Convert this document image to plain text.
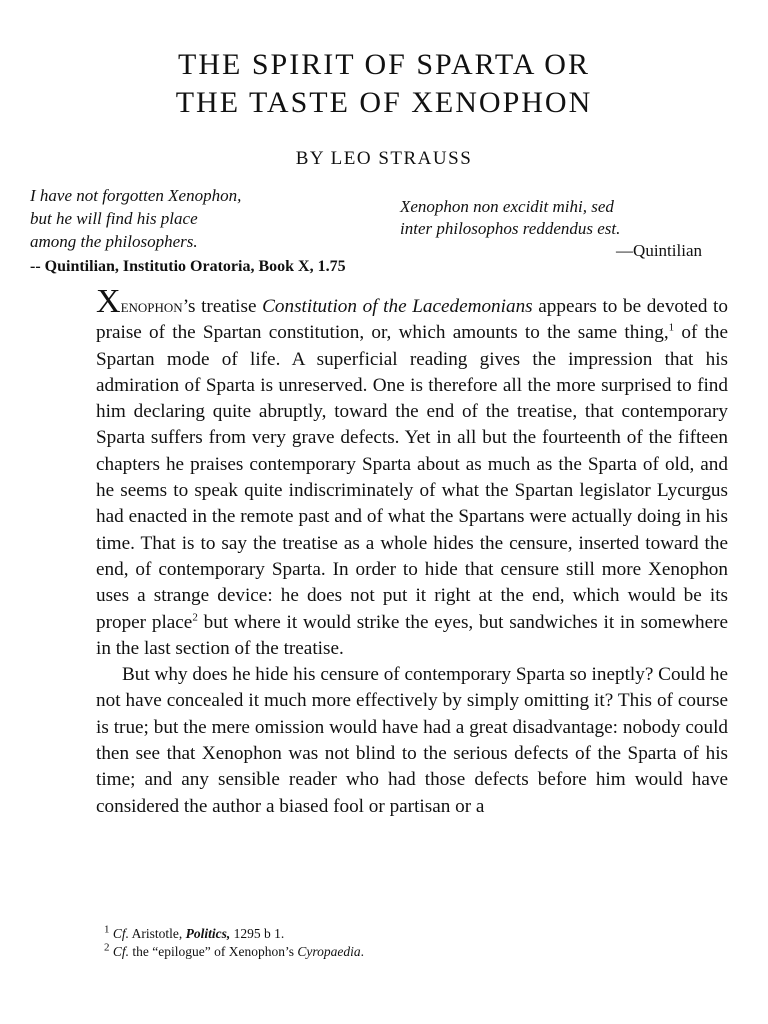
THE SPIRIT OF SPARTA OR
THE TASTE OF XENOPHON
BY LEO STRAUSS
I have not forgotten Xenophon,
but he will find his place
among the philosophers.
-- Quintilian, Institutio Oratoria, Book X, 1.75
Xenophon non excidit mihi, sed
inter philosophos reddendus est.
—Quintilian

Xenophon’s treatise Constitution of the Lacedemonians appears to be devoted to praise of the Spartan constitution, or, which amounts to the same thing,$^1$ of the Spartan mode of life. A superficial reading gives the impression that his admiration of Sparta is unreserved. One is therefore all the more surprised to find him declaring quite abruptly, toward the end of the treatise, that contemporary Sparta suffers from very grave defects. Yet in all but the fourteenth of the fifteen chapters he praises contemporary Sparta about as much as the Sparta of old, and he seems to speak quite indiscriminately of what the Spartan legislator Lycurgus had enacted in the remote past and of what the Spartans were actually doing in his time. That is to say the treatise as a whole hides the censure, inserted toward the end, of contemporary Sparta. In order to hide that censure still more Xenophon uses a strange device: he does not put it right at the end, which would be its proper place$^2$ but where it would strike the eyes, but sandwiches it in somewhere in the last section of the treatise.

But why does he hide his censure of contemporary Sparta so ineptly? Could he not have concealed it much more effectively by simply omitting it? This of course is true; but the mere omission would have had a great disadvantage: nobody could then see that Xenophon was not blind to the serious defects of the Sparta of his time; and any sensible reader who had those defects before him would have considered the author a biased fool or partisan or a

$^1$ Cf. Aristotle, Politics, 1295 b 1.
$^2$ Cf. the “epilogue” of Xenophon’s Cyropaedia.
